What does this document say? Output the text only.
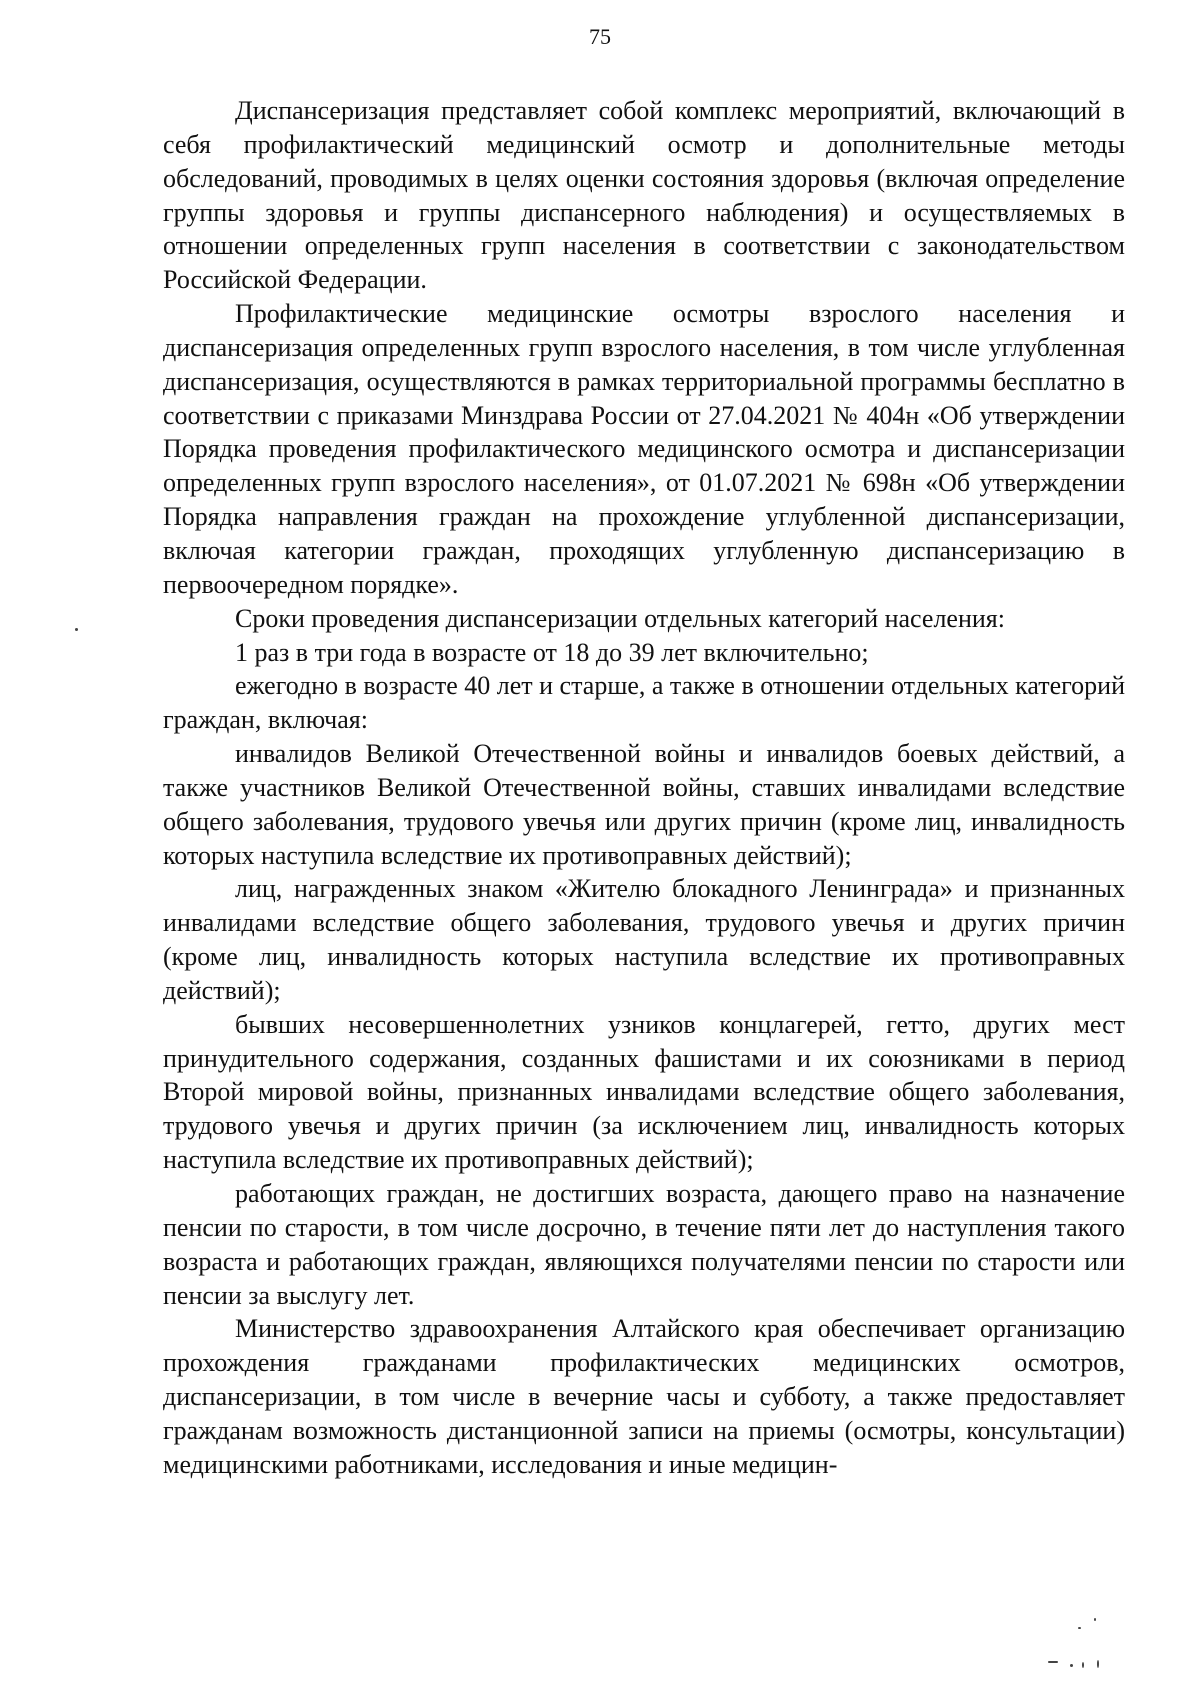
75

Диспансеризация представляет собой комплекс мероприятий, включающий в себя профилактический медицинский осмотр и дополнительные методы обследований, проводимых в целях оценки состояния здоровья (включая определение группы здоровья и группы диспансерного наблюдения) и осуществляемых в отношении определенных групп населения в соответствии с законодательством Российской Федерации.

Профилактические медицинские осмотры взрослого населения и диспансеризация определенных групп взрослого населения, в том числе углубленная диспансеризация, осуществляются в рамках территориальной программы бесплатно в соответствии с приказами Минздрава России от 27.04.2021 № 404н «Об утверждении Порядка проведения профилактического медицинского осмотра и диспансеризации определенных групп взрослого населения», от 01.07.2021 № 698н «Об утверждении Порядка направления граждан на прохождение углубленной диспансеризации, включая категории граждан, проходящих углубленную диспансеризацию в первоочередном порядке».

Сроки проведения диспансеризации отдельных категорий населения:

1 раз в три года в возрасте от 18 до 39 лет включительно;

ежегодно в возрасте 40 лет и старше, а также в отношении отдельных категорий граждан, включая:

инвалидов Великой Отечественной войны и инвалидов боевых действий, а также участников Великой Отечественной войны, ставших инвалидами вследствие общего заболевания, трудового увечья или других причин (кроме лиц, инвалидность которых наступила вследствие их противоправных действий);

лиц, награжденных знаком «Жителю блокадного Ленинграда» и признанных инвалидами вследствие общего заболевания, трудового увечья и других причин (кроме лиц, инвалидность которых наступила вследствие их противоправных действий);

бывших несовершеннолетних узников концлагерей, гетто, других мест принудительного содержания, созданных фашистами и их союзниками в период Второй мировой войны, признанных инвалидами вследствие общего заболевания, трудового увечья и других причин (за исключением лиц, инвалидность которых наступила вследствие их противоправных действий);

работающих граждан, не достигших возраста, дающего право на назначение пенсии по старости, в том числе досрочно, в течение пяти лет до наступления такого возраста и работающих граждан, являющихся получателями пенсии по старости или пенсии за выслугу лет.

Министерство здравоохранения Алтайского края обеспечивает организацию прохождения гражданами профилактических медицинских осмотров, диспансеризации, в том числе в вечерние часы и субботу, а также предоставляет гражданам возможность дистанционной записи на приемы (осмотры, консультации) медицинскими работниками, исследования и иные медицин-
